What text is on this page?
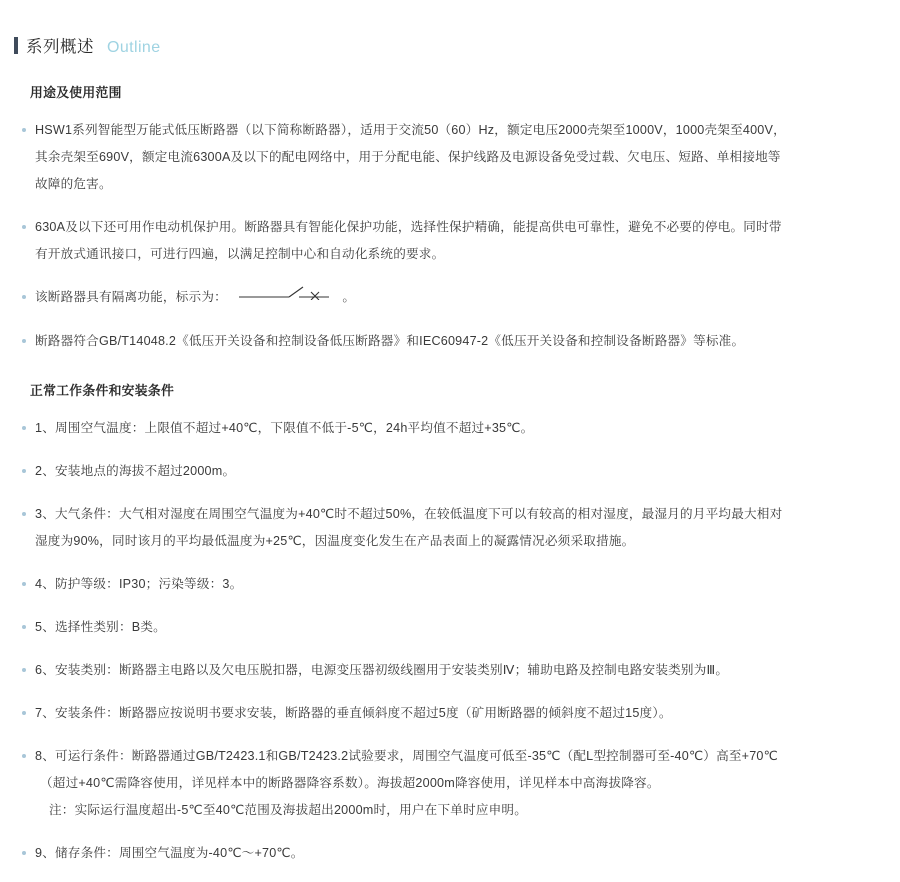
系列概述 Outline
用途及使用范围
HSW1系列智能型万能式低压断路器（以下简称断路器），适用于交流50（60）Hz，额定电压2000壳架至1000V，1000壳架至400V，
其余壳架至690V，额定电流6300A及以下的配电网络中，用于分配电能、保护线路及电源设备免受过载、欠电压、短路、单相接地等
故障的危害。
630A及以下还可用作电动机保护用。断路器具有智能化保护功能，选择性保护精确，能提高供电可靠性，避免不必要的停电。同时带
有开放式通讯接口，可进行四遍，以满足控制中心和自动化系统的要求。
该断路器具有隔离功能，标示为：	。
断路器符合GB/T14048.2《低压开关设备和控制设备低压断路器》和IEC60947-2《低压开关设备和控制设备断路器》等标准。
正常工作条件和安装条件
1、周围空气温度：上限值不超过+40℃，下限值不低于-5℃，24h平均值不超过+35℃。
2、安装地点的海拔不超过2000m。
3、大气条件：大气相对湿度在周围空气温度为+40℃时不超过50%，在较低温度下可以有较高的相对湿度，最湿月的月平均最大相对
湿度为90%，同时该月的平均最低温度为+25℃，因温度变化发生在产品表面上的凝露情况必须采取措施。
4、防护等级：IP30；污染等级：3。
5、选择性类别：B类。
6、安装类别：断路器主电路以及欠电压脱扣器，电源变压器初级线圈用于安装类别Ⅳ；辅助电路及控制电路安装类别为Ⅲ。
7、安装条件：断路器应按说明书要求安装，断路器的垂直倾斜度不超过5度（矿用断路器的倾斜度不超过15度）。
8、可运行条件：断路器通过GB/T2423.1和GB/T2423.2试验要求，周围空气温度可低至-35℃（配L型控制器可至-40℃）高至+70℃
（超过+40℃需降容使用，详见样本中的断路器降容系数）。海拔超2000m降容使用，详见样本中高海拔降容。
注：实际运行温度超出-5℃至40℃范围及海拔超出2000m时，用户在下单时应申明。
9、储存条件：周围空气温度为-40℃～+70℃。
